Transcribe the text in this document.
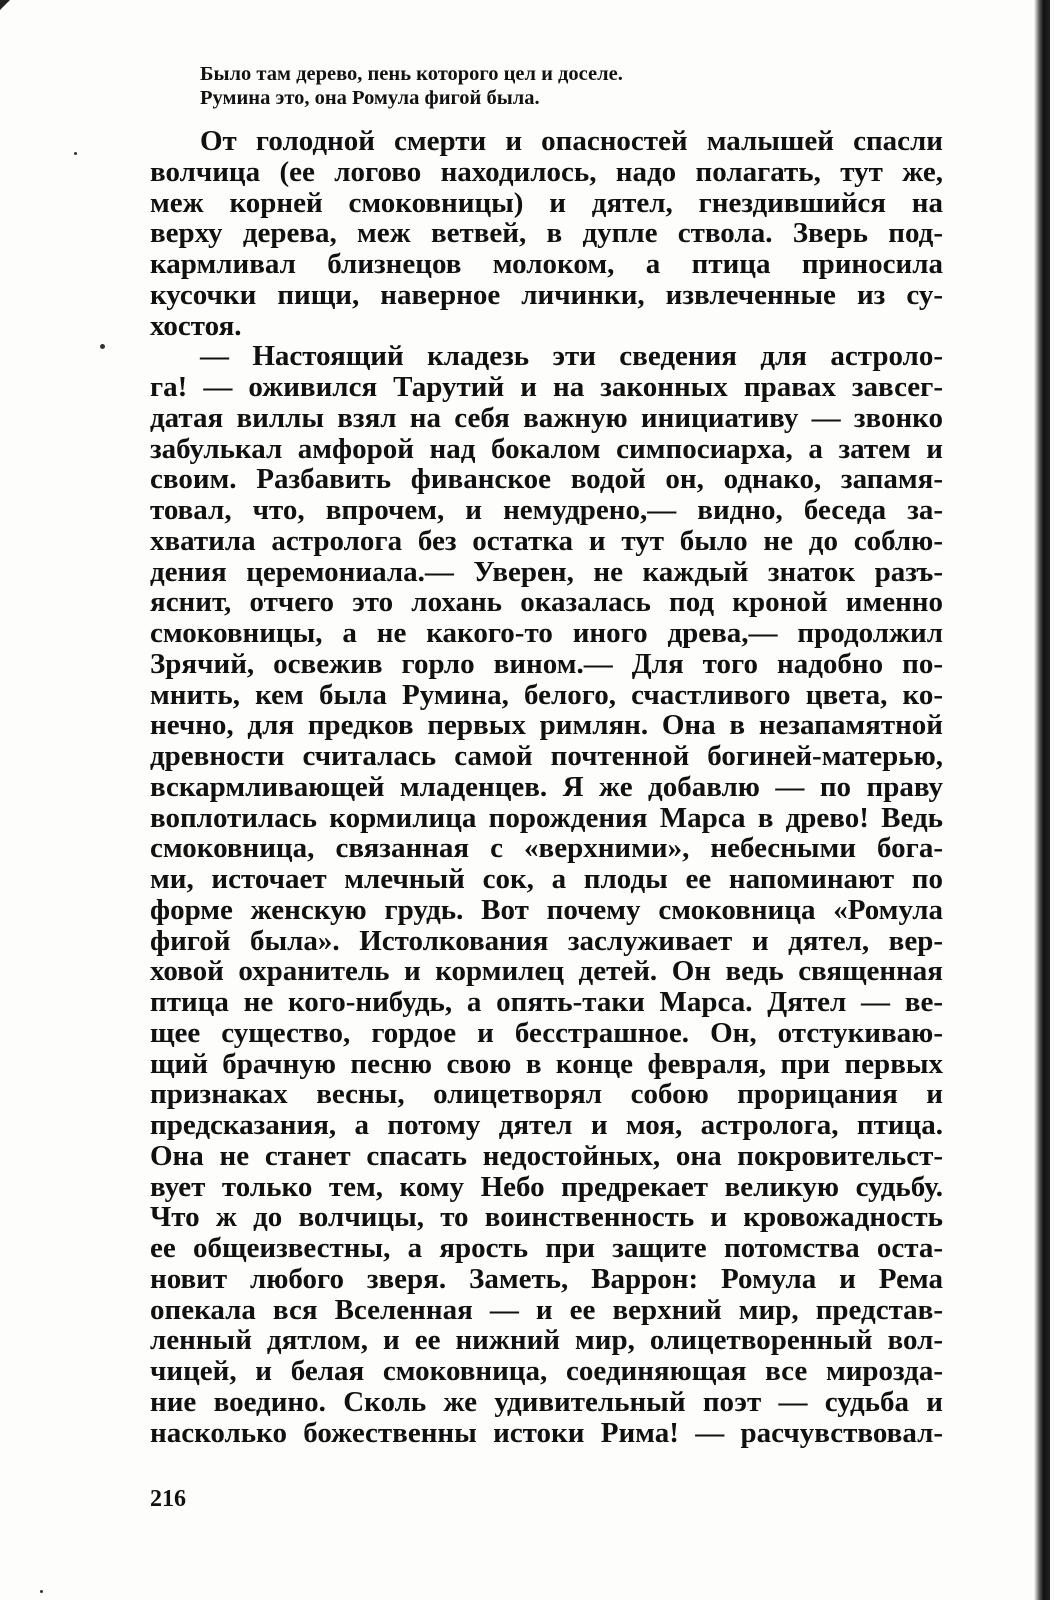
Было там дерево, пень которого цел и доселе.
Румина это, она Ромула фигой была.
От голодной смерти и опасностей малышей спасли
волчица (ее логово находилось, надо полагать, тут же,
меж корней смоковницы) и дятел, гнездившийся на
верху дерева, меж ветвей, в дупле ствола. Зверь под-
кармливал близнецов молоком, а птица приносила
кусочки пищи, наверное личинки, извлеченные из су-
хостоя.
— Настоящий кладезь эти сведения для астроло-
га! — оживился Тарутий и на законных правах завсег-
датая виллы взял на себя важную инициативу — звонко
забулькал амфорой над бокалом симпосиарха, а затем и
своим. Разбавить фиванское водой он, однако, запамя-
товал, что, впрочем, и немудрено,— видно, беседа за-
хватила астролога без остатка и тут было не до соблю-
дения церемониала.— Уверен, не каждый знаток разъ-
яснит, отчего это лохань оказалась под кроной именно
смоковницы, а не какого-то иного древа,— продолжил
Зрячий, освежив горло вином.— Для того надобно по-
мнить, кем была Румина, белого, счастливого цвета, ко-
нечно, для предков первых римлян. Она в незапамятной
древности считалась самой почтенной богиней-матерью,
вскармливающей младенцев. Я же добавлю — по праву
воплотилась кормилица порождения Марса в древо! Ведь
смоковница, связанная с «верхними», небесными бога-
ми, источает млечный сок, а плоды ее напоминают по
форме женскую грудь. Вот почему смоковница «Ромула
фигой была». Истолкования заслуживает и дятел, вер-
ховой охранитель и кормилец детей. Он ведь священная
птица не кого-нибудь, а опять-таки Марса. Дятел — ве-
щее существо, гордое и бесстрашное. Он, отстукиваю-
щий брачную песню свою в конце февраля, при первых
признаках весны, олицетворял собою прорицания и
предсказания, а потому дятел и моя, астролога, птица.
Она не станет спасать недостойных, она покровительст-
вует только тем, кому Небо предрекает великую судьбу.
Что ж до волчицы, то воинственность и кровожадность
ее общеизвестны, а ярость при защите потомства оста-
новит любого зверя. Заметь, Варрон: Ромула и Рема
опекала вся Вселенная — и ее верхний мир, представ-
ленный дятлом, и ее нижний мир, олицетворенный вол-
чицей, и белая смоковница, соединяющая все мирозда-
ние воедино. Сколь же удивительный поэт — судьба и
насколько божественны истоки Рима! — расчувствовал-
216
